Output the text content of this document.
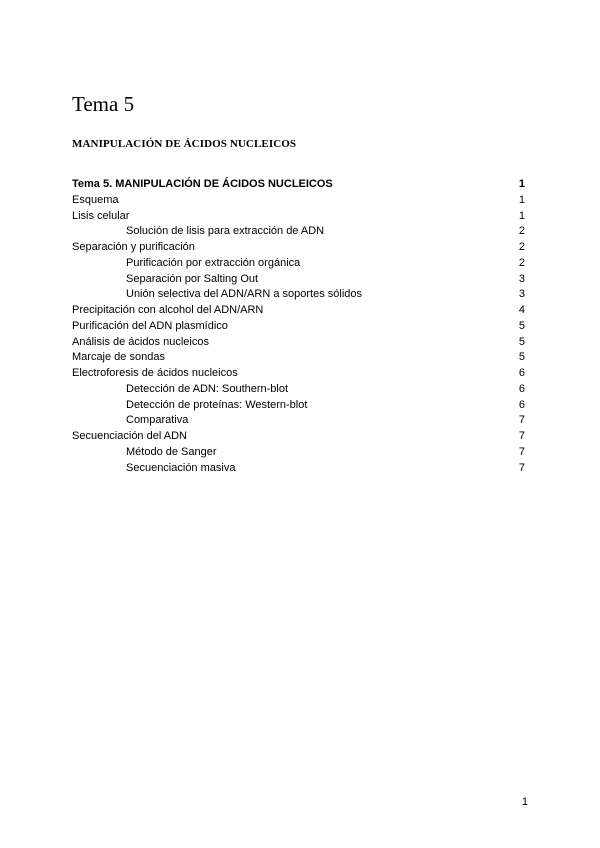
Tema 5
MANIPULACIÓN DE ÁCIDOS NUCLEICOS
Tema 5. MANIPULACIÓN DE ÁCIDOS NUCLEICOS	1
Esquema	1
Lisis celular	1
Solución de lisis para extracción de ADN	2
Separación y purificación	2
Purificación por extracción orgánica	2
Separación por Salting Out	3
Unión selectiva del ADN/ARN a soportes sólidos	3
Precipitación con alcohol del ADN/ARN	4
Purificación del ADN plasmídico	5
Análisis de ácidos nucleicos	5
Marcaje de sondas	5
Electroforesis de ácidos nucleicos	6
Detección de ADN: Southern-blot	6
Detección de proteínas: Western-blot	6
Comparativa	7
Secuenciación del ADN	7
Método de Sanger	7
Secuenciación masiva	7
1
